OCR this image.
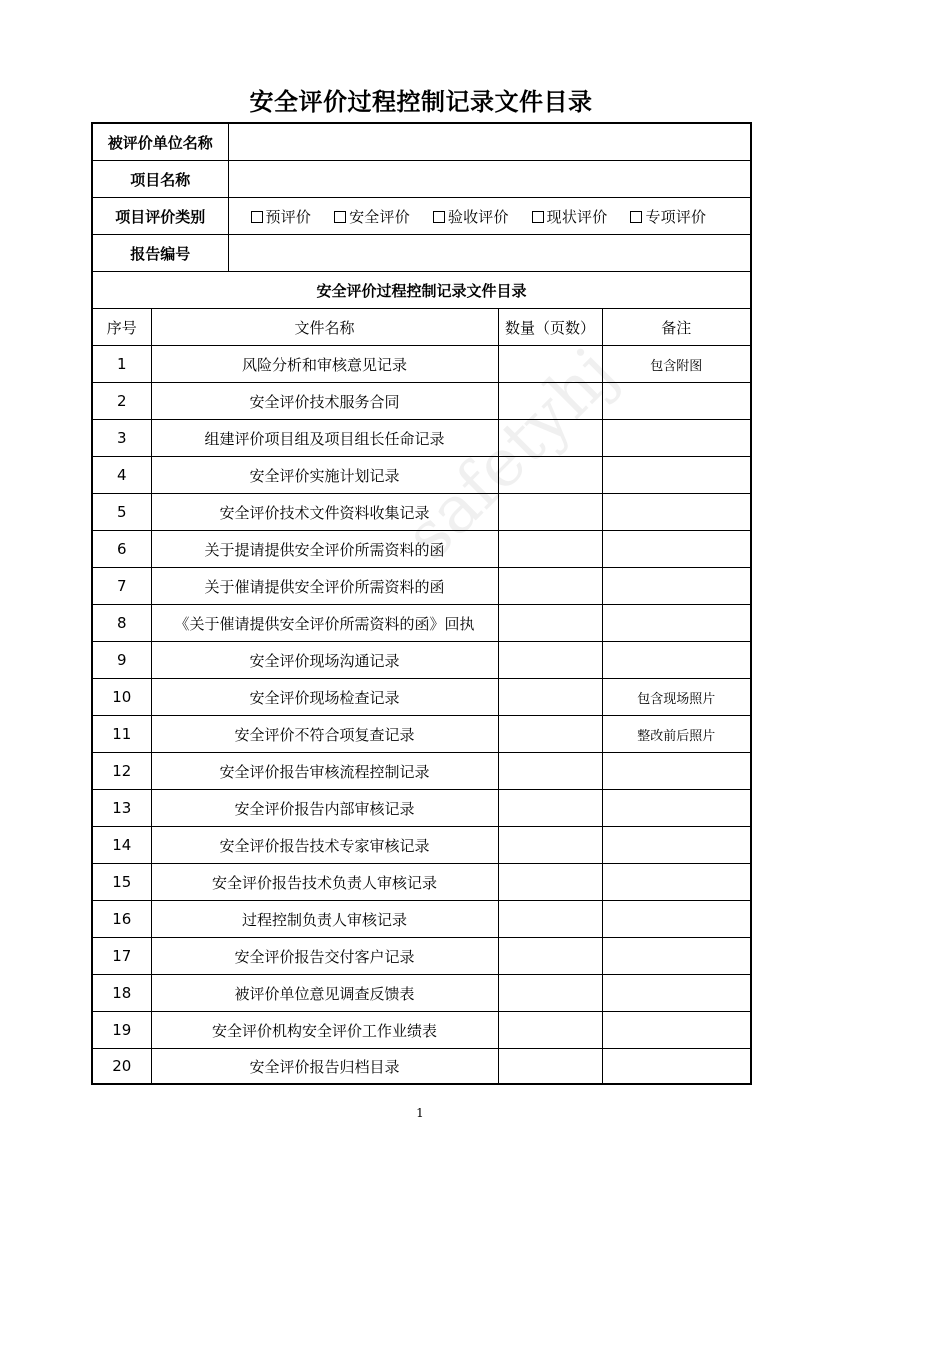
安全评价过程控制记录文件目录
safetyhj
被评价单位名称				
项目名称				
项目评价类别		预评价 安全评价 验收评价 现状评价 专项评价		
报告编号				
安全评价过程控制记录文件目录				
序号	文件名称		数量（页数）	备注
1	风险分析和审核意见记录			包含附图
2	安全评价技术服务合同			
3	组建评价项目组及项目组长任命记录			
4	安全评价实施计划记录			
5	安全评价技术文件资料收集记录			
6	关于提请提供安全评价所需资料的函			
7	关于催请提供安全评价所需资料的函			
8	《关于催请提供安全评价所需资料的函》回执			
9	安全评价现场沟通记录			
10	安全评价现场检查记录			包含现场照片
11	安全评价不符合项复查记录			整改前后照片
12	安全评价报告审核流程控制记录			
13	安全评价报告内部审核记录			
14	安全评价报告技术专家审核记录			
15	安全评价报告技术负责人审核记录			
16	过程控制负责人审核记录			
17	安全评价报告交付客户记录			
18	被评价单位意见调查反馈表			
19	安全评价机构安全评价工作业绩表			
20	安全评价报告归档目录			
1
